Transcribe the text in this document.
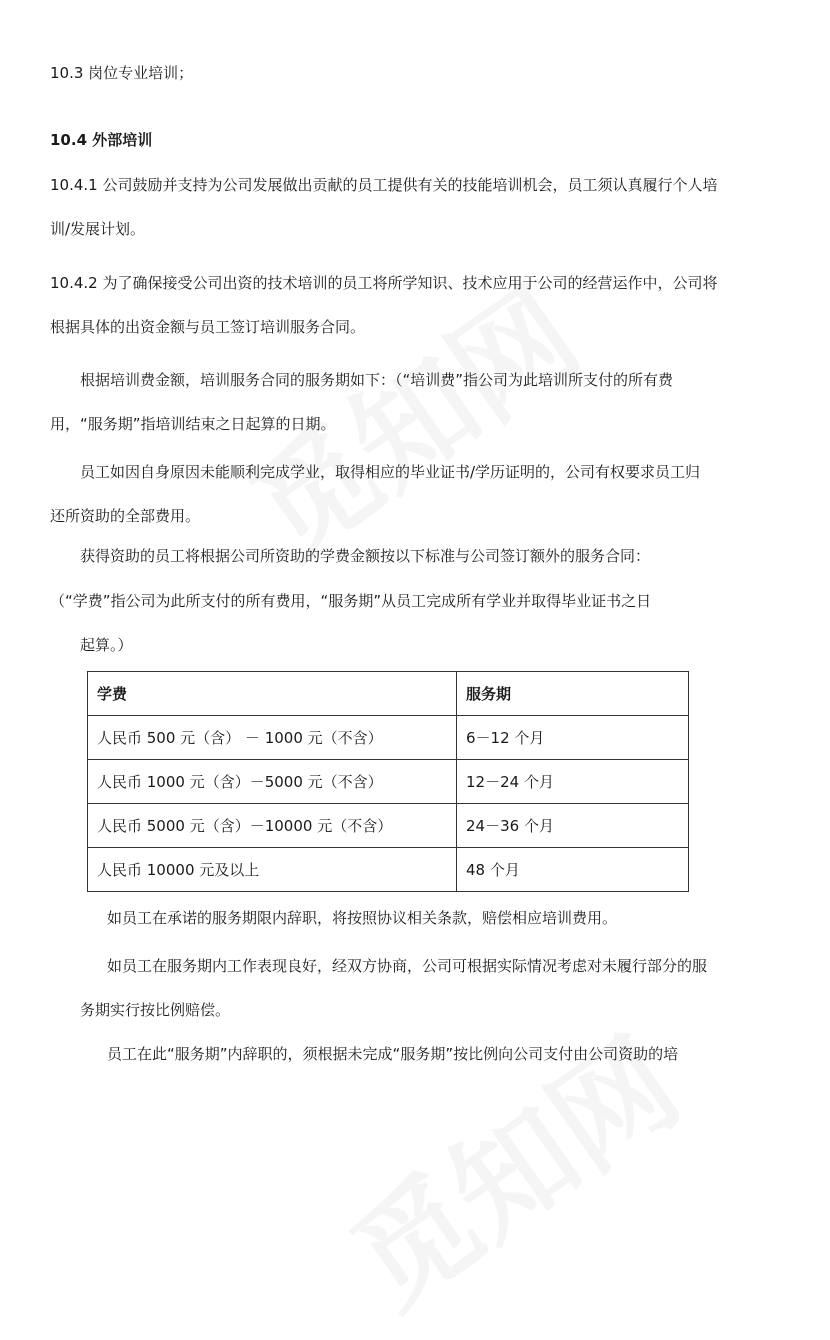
10.3 岗位专业培训；
10.4 外部培训
10.4.1 公司鼓励并支持为公司发展做出贡献的员工提供有关的技能培训机会，员工须认真履行个人培
训/发展计划。
10.4.2 为了确保接受公司出资的技术培训的员工将所学知识、技术应用于公司的经营运作中，公司将
根据具体的出资金额与员工签订培训服务合同。
根据培训费金额，培训服务合同的服务期如下：（“培训费”指公司为此培训所支付的所有费
用，“服务期”指培训结束之日起算的日期。
员工如因自身原因未能顺利完成学业，取得相应的毕业证书/学历证明的，公司有权要求员工归
还所资助的全部费用。
获得资助的员工将根据公司所资助的学费金额按以下标准与公司签订额外的服务合同：
（“学费”指公司为此所支付的所有费用，“服务期”从员工完成所有学业并取得毕业证书之日
起算。）
学费	服务期
人民币 500 元（含） － 1000 元（不含）	6－12 个月
人民币 1000 元（含）－5000 元（不含）	12－24 个月
人民币 5000 元（含）－10000 元（不含）	24－36 个月
人民币 10000 元及以上	48 个月
如员工在承诺的服务期限内辞职，将按照协议相关条款，赔偿相应培训费用。
如员工在服务期内工作表现良好，经双方协商，公司可根据实际情况考虑对未履行部分的服
务期实行按比例赔偿。
员工在此“服务期”内辞职的，须根据未完成“服务期”按比例向公司支付由公司资助的培
